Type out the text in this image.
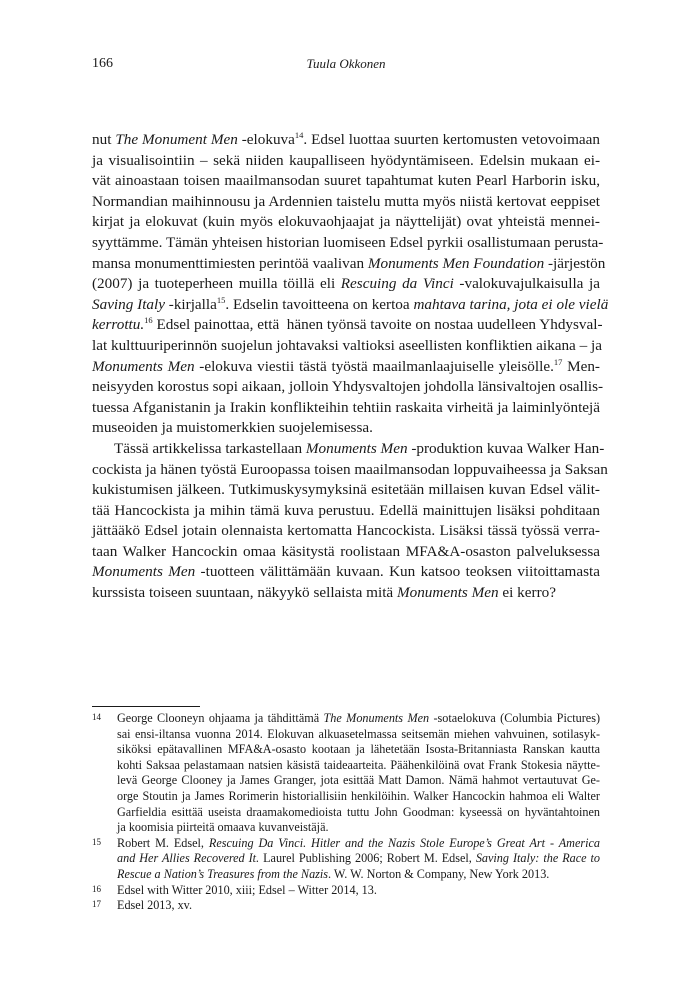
166	Tuula Okkonen
nut The Monument Men -elokuva$^{14}$. Edsel luottaa suurten kertomusten vetovoimaan
ja visualisointiin – sekä niiden kaupalliseen hyödyntämiseen. Edelsin mukaan ei-
vät ainoastaan toisen maailmansodan suuret tapahtumat kuten Pearl Harborin isku,
Normandian maihinnousu ja Ardennien taistelu mutta myös niistä kertovat eeppiset
kirjat ja elokuvat (kuin myös elokuvaohjaajat ja näyttelijät) ovat yhteistä mennei-
syyttämme. Tämän yhteisen historian luomiseen Edsel pyrkii osallistumaan perusta-
mansa monumenttimiesten perintöä vaalivan Monuments Men Foundation -järjestön
(2007) ja tuoteperheen muilla töillä eli Rescuing da Vinci -valokuvajulkaisulla ja
Saving Italy -kirjalla$^{15}$. Edselin tavoitteena on kertoa mahtava tarina, jota ei ole vielä
kerrottu.$^{16}$ Edsel painottaa, että  hänen työnsä tavoite on nostaa uudelleen Yhdysval-
lat kulttuuriperinnön suojelun johtavaksi valtioksi aseellisten konfliktien aikana – ja
Monuments Men -elokuva viestii tästä työstä maailmanlaajuiselle yleisölle.$^{17}$ Men-
neisyyden korostus sopi aikaan, jolloin Yhdysvaltojen johdolla länsivaltojen osallis-
tuessa Afganistanin ja Irakin konflikteihin tehtiin raskaita virheitä ja laiminlyöntejä
museoiden ja muistomerkkien suojelemisessa.
Tässä artikkelissa tarkastellaan Monuments Men -produktion kuvaa Walker Han-
cockista ja hänen työstä Euroopassa toisen maailmansodan loppuvaiheessa ja Saksan
kukistumisen jälkeen. Tutkimuskysymyksinä esitetään millaisen kuvan Edsel välit-
tää Hancockista ja mihin tämä kuva perustuu. Edellä mainittujen lisäksi pohditaan
jättääkö Edsel jotain olennaista kertomatta Hancockista. Lisäksi tässä työssä verra-
taan Walker Hancockin omaa käsitystä roolistaan MFA&A-osaston palveluksessa
Monuments Men -tuotteen välittämään kuvaan. Kun katsoo teoksen viitoittamasta
kurssista toiseen suuntaan, näkyykö sellaista mitä Monuments Men ei kerro?
14 George Clooneyn ohjaama ja tähdittämä The Monuments Men -sotaelokuva (Columbia Pictures)
sai ensi-iltansa vuonna 2014. Elokuvan alkuasetelmassa seitsemän miehen vahvuinen, sotilasyk-
siköksi epätavallinen MFA&A-osasto kootaan ja lähetetään Isosta-Britanniasta Ranskan kautta
kohti Saksaa pelastamaan natsien käsistä taideaarteita. Päähenkilöinä ovat Frank Stokesia näytte-
levä George Clooney ja James Granger, jota esittää Matt Damon. Nämä hahmot vertautuvat Ge-
orge Stoutin ja James Rorimerin historiallisiin henkilöihin. Walker Hancockin hahmoa eli Walter
Garfieldia esittää useista draamakomedioista tuttu John Goodman: kyseessä on hyväntahtoinen
ja koomisia piirteitä omaava kuvanveistäjä.
15 Robert M. Edsel, Rescuing Da Vinci. Hitler and the Nazis Stole Europe’s Great Art - America
and Her Allies Recovered It. Laurel Publishing 2006; Robert M. Edsel, Saving Italy: the Race to
Rescue a Nation’s Treasures from the Nazis. W. W. Norton & Company, New York 2013.
16 Edsel with Witter 2010, xiii; Edsel – Witter 2014, 13.
17 Edsel 2013, xv.
